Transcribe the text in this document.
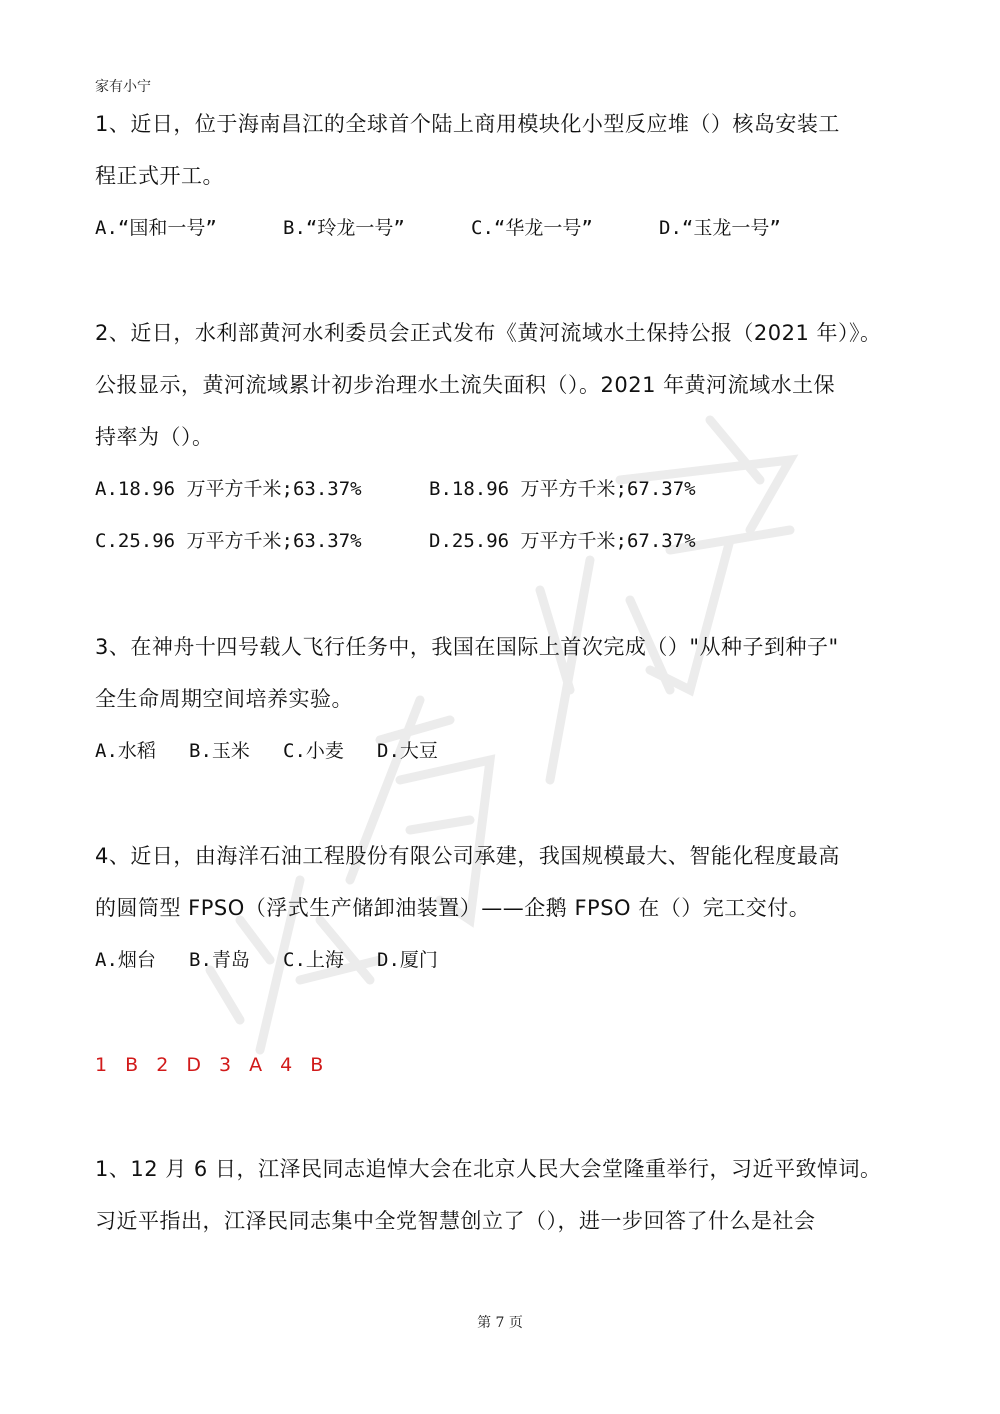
家有小宁
1、近日，位于海南昌江的全球首个陆上商用模块化小型反应堆（）核岛安装工
程正式开工。
A.“国和一号”	B.“玲龙一号”	C.“华龙一号”	D.“玉龙一号”
2、近日，水利部黄河水利委员会正式发布《黄河流域水土保持公报（2021 年）》。
公报显示，黄河流域累计初步治理水土流失面积（）。2021 年黄河流域水土保
持率为（）。
A.18.96 万平方千米;63.37%	B.18.96 万平方千米;67.37%
C.25.96 万平方千米;63.37%	D.25.96 万平方千米;67.37%
3、在神舟十四号载人飞行任务中，我国在国际上首次完成（）"从种子到种子"
全生命周期空间培养实验。
A.水稻 B.玉米 C.小麦 D.大豆
4、近日，由海洋石油工程股份有限公司承建，我国规模最大、智能化程度最高
的圆筒型 FPSO（浮式生产储卸油装置）——企鹅 FPSO 在（）完工交付。
A.烟台 B.青岛 C.上海 D.厦门
1 B 2 D 3 A 4 B
1、12 月 6 日，江泽民同志追悼大会在北京人民大会堂隆重举行，习近平致悼词。
习近平指出，江泽民同志集中全党智慧创立了（），进一步回答了什么是社会
第 7 页
